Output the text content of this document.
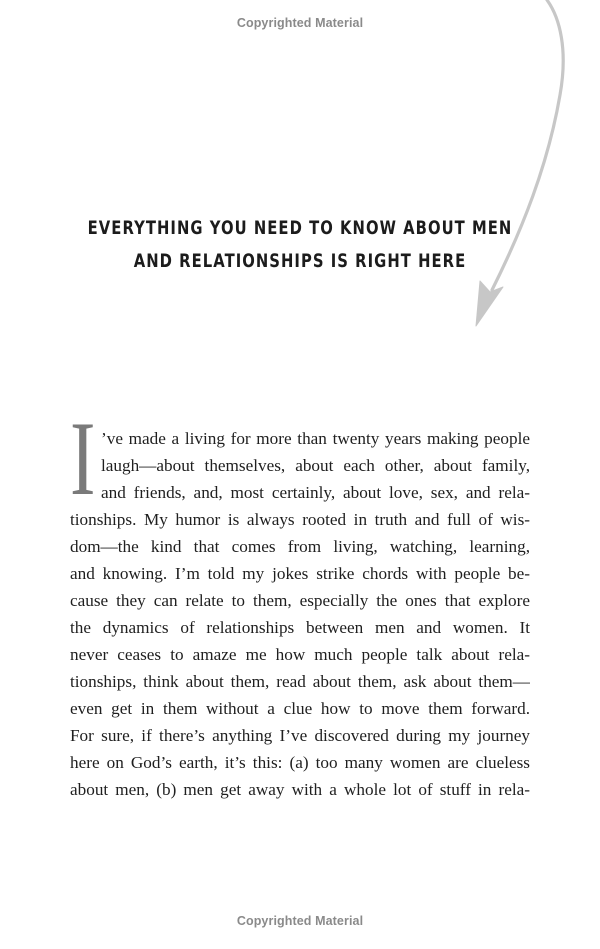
Copyrighted Material
EVERYTHING YOU NEED TO KNOW ABOUT MEN
AND RELATIONSHIPS IS RIGHT HERE
I ’ve made a living for more than twenty years making people
laugh—about themselves, about each other, about family,
and friends, and, most certainly, about love, sex, and rela-
tionships. My humor is always rooted in truth and full of wis-
dom—the kind that comes from living, watching, learning,
and knowing. I’m told my jokes strike chords with people be-
cause they can relate to them, especially the ones that explore
the dynamics of relationships between men and women. It
never ceases to amaze me how much people talk about rela-
tionships, think about them, read about them, ask about them—
even get in them without a clue how to move them forward.
For sure, if there’s anything I’ve discovered during my journey
here on God’s earth, it’s this: (a) too many women are clueless
about men, (b) men get away with a whole lot of stuff in rela-
Copyrighted Material
